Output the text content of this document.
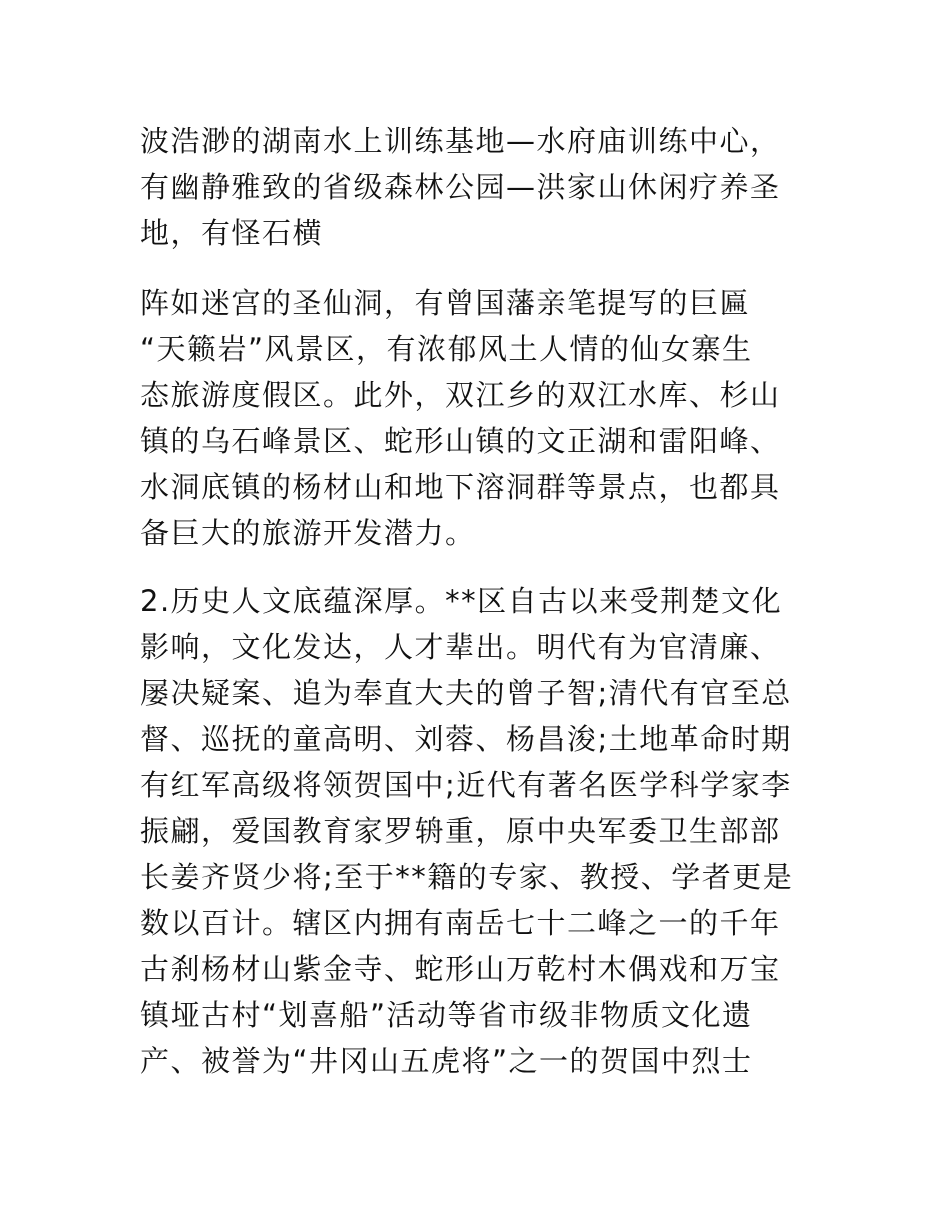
波浩渺的湖南水上训练基地—水府庙训练中心，
有幽静雅致的省级森林公园—洪家山休闲疗养圣
地，有怪石横
阵如迷宫的圣仙洞，有曾国藩亲笔提写的巨匾
“天籁岩”风景区，有浓郁风土人情的仙女寨生
态旅游度假区。此外，双江乡的双江水库、杉山
镇的乌石峰景区、蛇形山镇的文正湖和雷阳峰、
水洞底镇的杨材山和地下溶洞群等景点，也都具
备巨大的旅游开发潜力。
2.历史人文底蕴深厚。**区自古以来受荆楚文化
影响，文化发达，人才辈出。明代有为官清廉、
屡决疑案、追为奉直大夫的曾子智;清代有官至总
督、巡抚的童高明、刘蓉、杨昌浚;土地革命时期
有红军高级将领贺国中;近代有著名医学科学家李
振翩，爱国教育家罗辀重，原中央军委卫生部部
长姜齐贤少将;至于**籍的专家、教授、学者更是
数以百计。辖区内拥有南岳七十二峰之一的千年
古刹杨材山紫金寺、蛇形山万乾村木偶戏和万宝
镇垭古村“划喜船”活动等省市级非物质文化遗
产、被誉为“井冈山五虎将”之一的贺国中烈士
